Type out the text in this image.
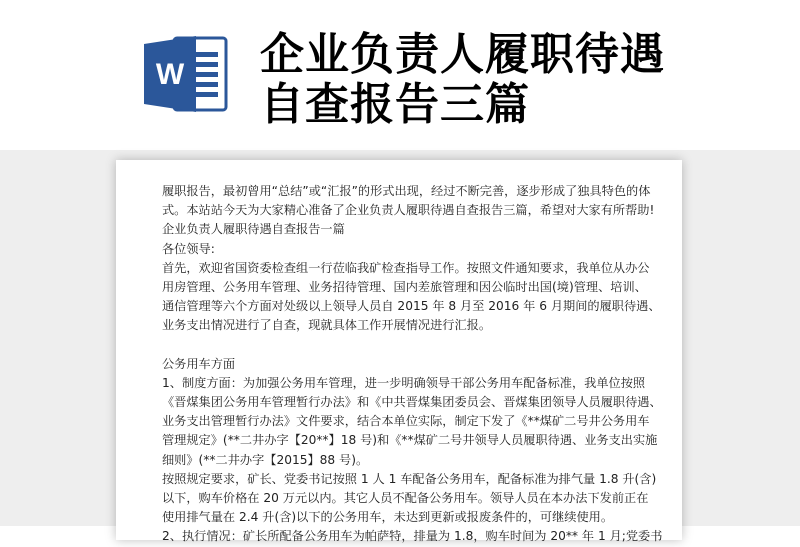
W 企业负责人履职待遇
自查报告三篇
履职报告，最初曾用“总结”或“汇报”的形式出现，经过不断完善，逐步形成了独具特色的体
式。本站站今天为大家精心准备了企业负责人履职待遇自查报告三篇，希望对大家有所帮助!
企业负责人履职待遇自查报告一篇
各位领导:
首先，欢迎省国资委检查组一行莅临我矿检查指导工作。按照文件通知要求，我单位从办公
用房管理、公务用车管理、业务招待管理、国内差旅管理和因公临时出国(境)管理、培训、
通信管理等六个方面对处级以上领导人员自 2015 年 8 月至 2016 年 6 月期间的履职待遇、
业务支出情况进行了自查，现就具体工作开展情况进行汇报。
公务用车方面
1、制度方面：为加强公务用车管理，进一步明确领导干部公务用车配备标准，我单位按照
《晋煤集团公务用车管理暂行办法》和《中共晋煤集团委员会、晋煤集团领导人员履职待遇、
业务支出管理暂行办法》文件要求，结合本单位实际，制定下发了《**煤矿二号井公务用车
管理规定》(**二井办字【20**】18 号)和《**煤矿二号井领导人员履职待遇、业务支出实施
细则》(**二井办字【2015】88 号)。
按照规定要求，矿长、党委书记按照 1 人 1 车配备公务用车，配备标准为排气量 1.8 升(含)
以下，购车价格在 20 万元以内。其它人员不配备公务用车。领导人员在本办法下发前正在
使用排气量在 2.4 升(含)以下的公务用车，未达到更新或报废条件的，可继续使用。
2、执行情况：矿长所配备公务用车为帕萨特，排量为 1.8，购车时间为 20** 年 1 月;党委书
